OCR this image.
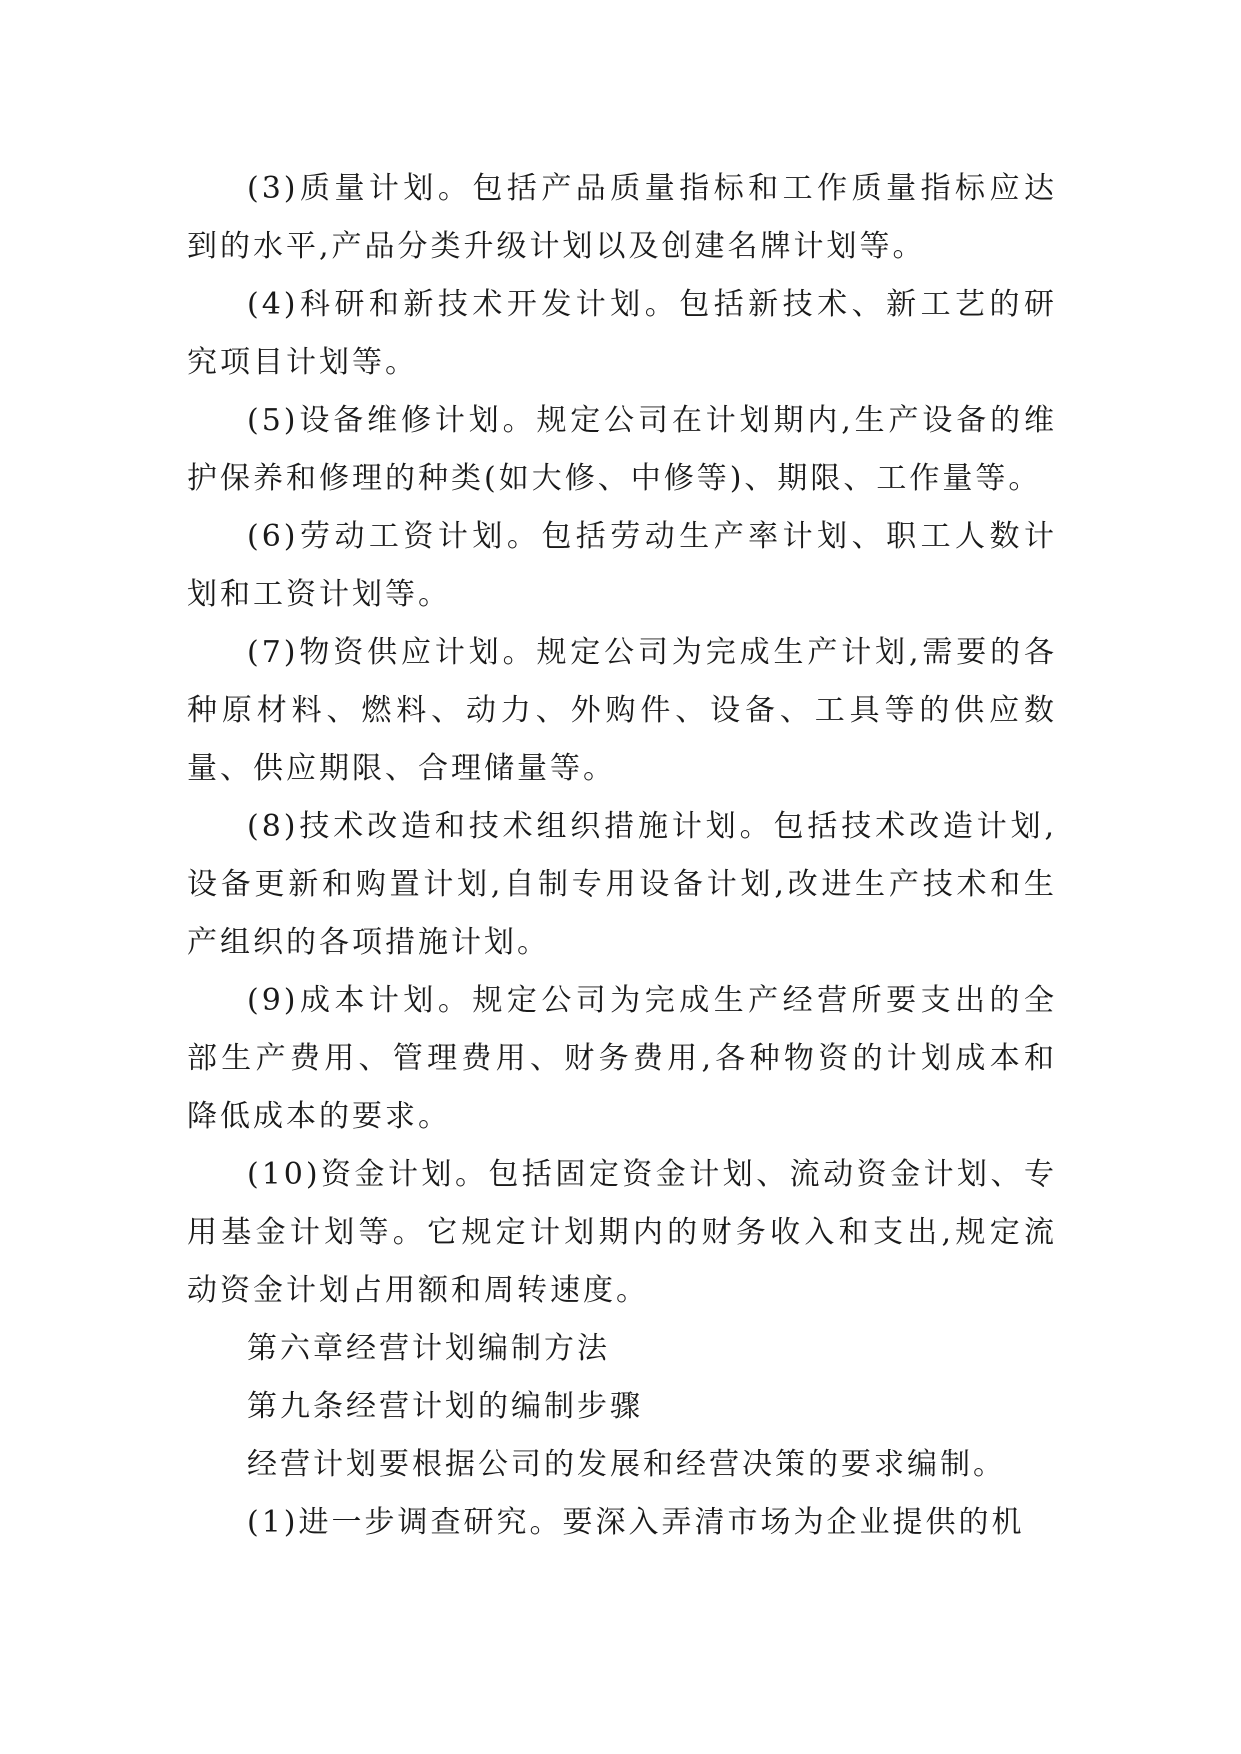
(3)质量计划。包括产品质量指标和工作质量指标应达到的水平,产品分类升级计划以及创建名牌计划等。

(4)科研和新技术开发计划。包括新技术、新工艺的研究项目计划等。

(5)设备维修计划。规定公司在计划期内,生产设备的维护保养和修理的种类(如大修、中修等)、期限、工作量等。

(6)劳动工资计划。包括劳动生产率计划、职工人数计划和工资计划等。

(7)物资供应计划。规定公司为完成生产计划,需要的各种原材料、燃料、动力、外购件、设备、工具等的供应数量、供应期限、合理储量等。

(8)技术改造和技术组织措施计划。包括技术改造计划,设备更新和购置计划,自制专用设备计划,改进生产技术和生产组织的各项措施计划。

(9)成本计划。规定公司为完成生产经营所要支出的全部生产费用、管理费用、财务费用,各种物资的计划成本和降低成本的要求。

(10)资金计划。包括固定资金计划、流动资金计划、专用基金计划等。它规定计划期内的财务收入和支出,规定流动资金计划占用额和周转速度。

第六章经营计划编制方法

第九条经营计划的编制步骤

经营计划要根据公司的发展和经营决策的要求编制。

(1)进一步调查研究。要深入弄清市场为企业提供的机
